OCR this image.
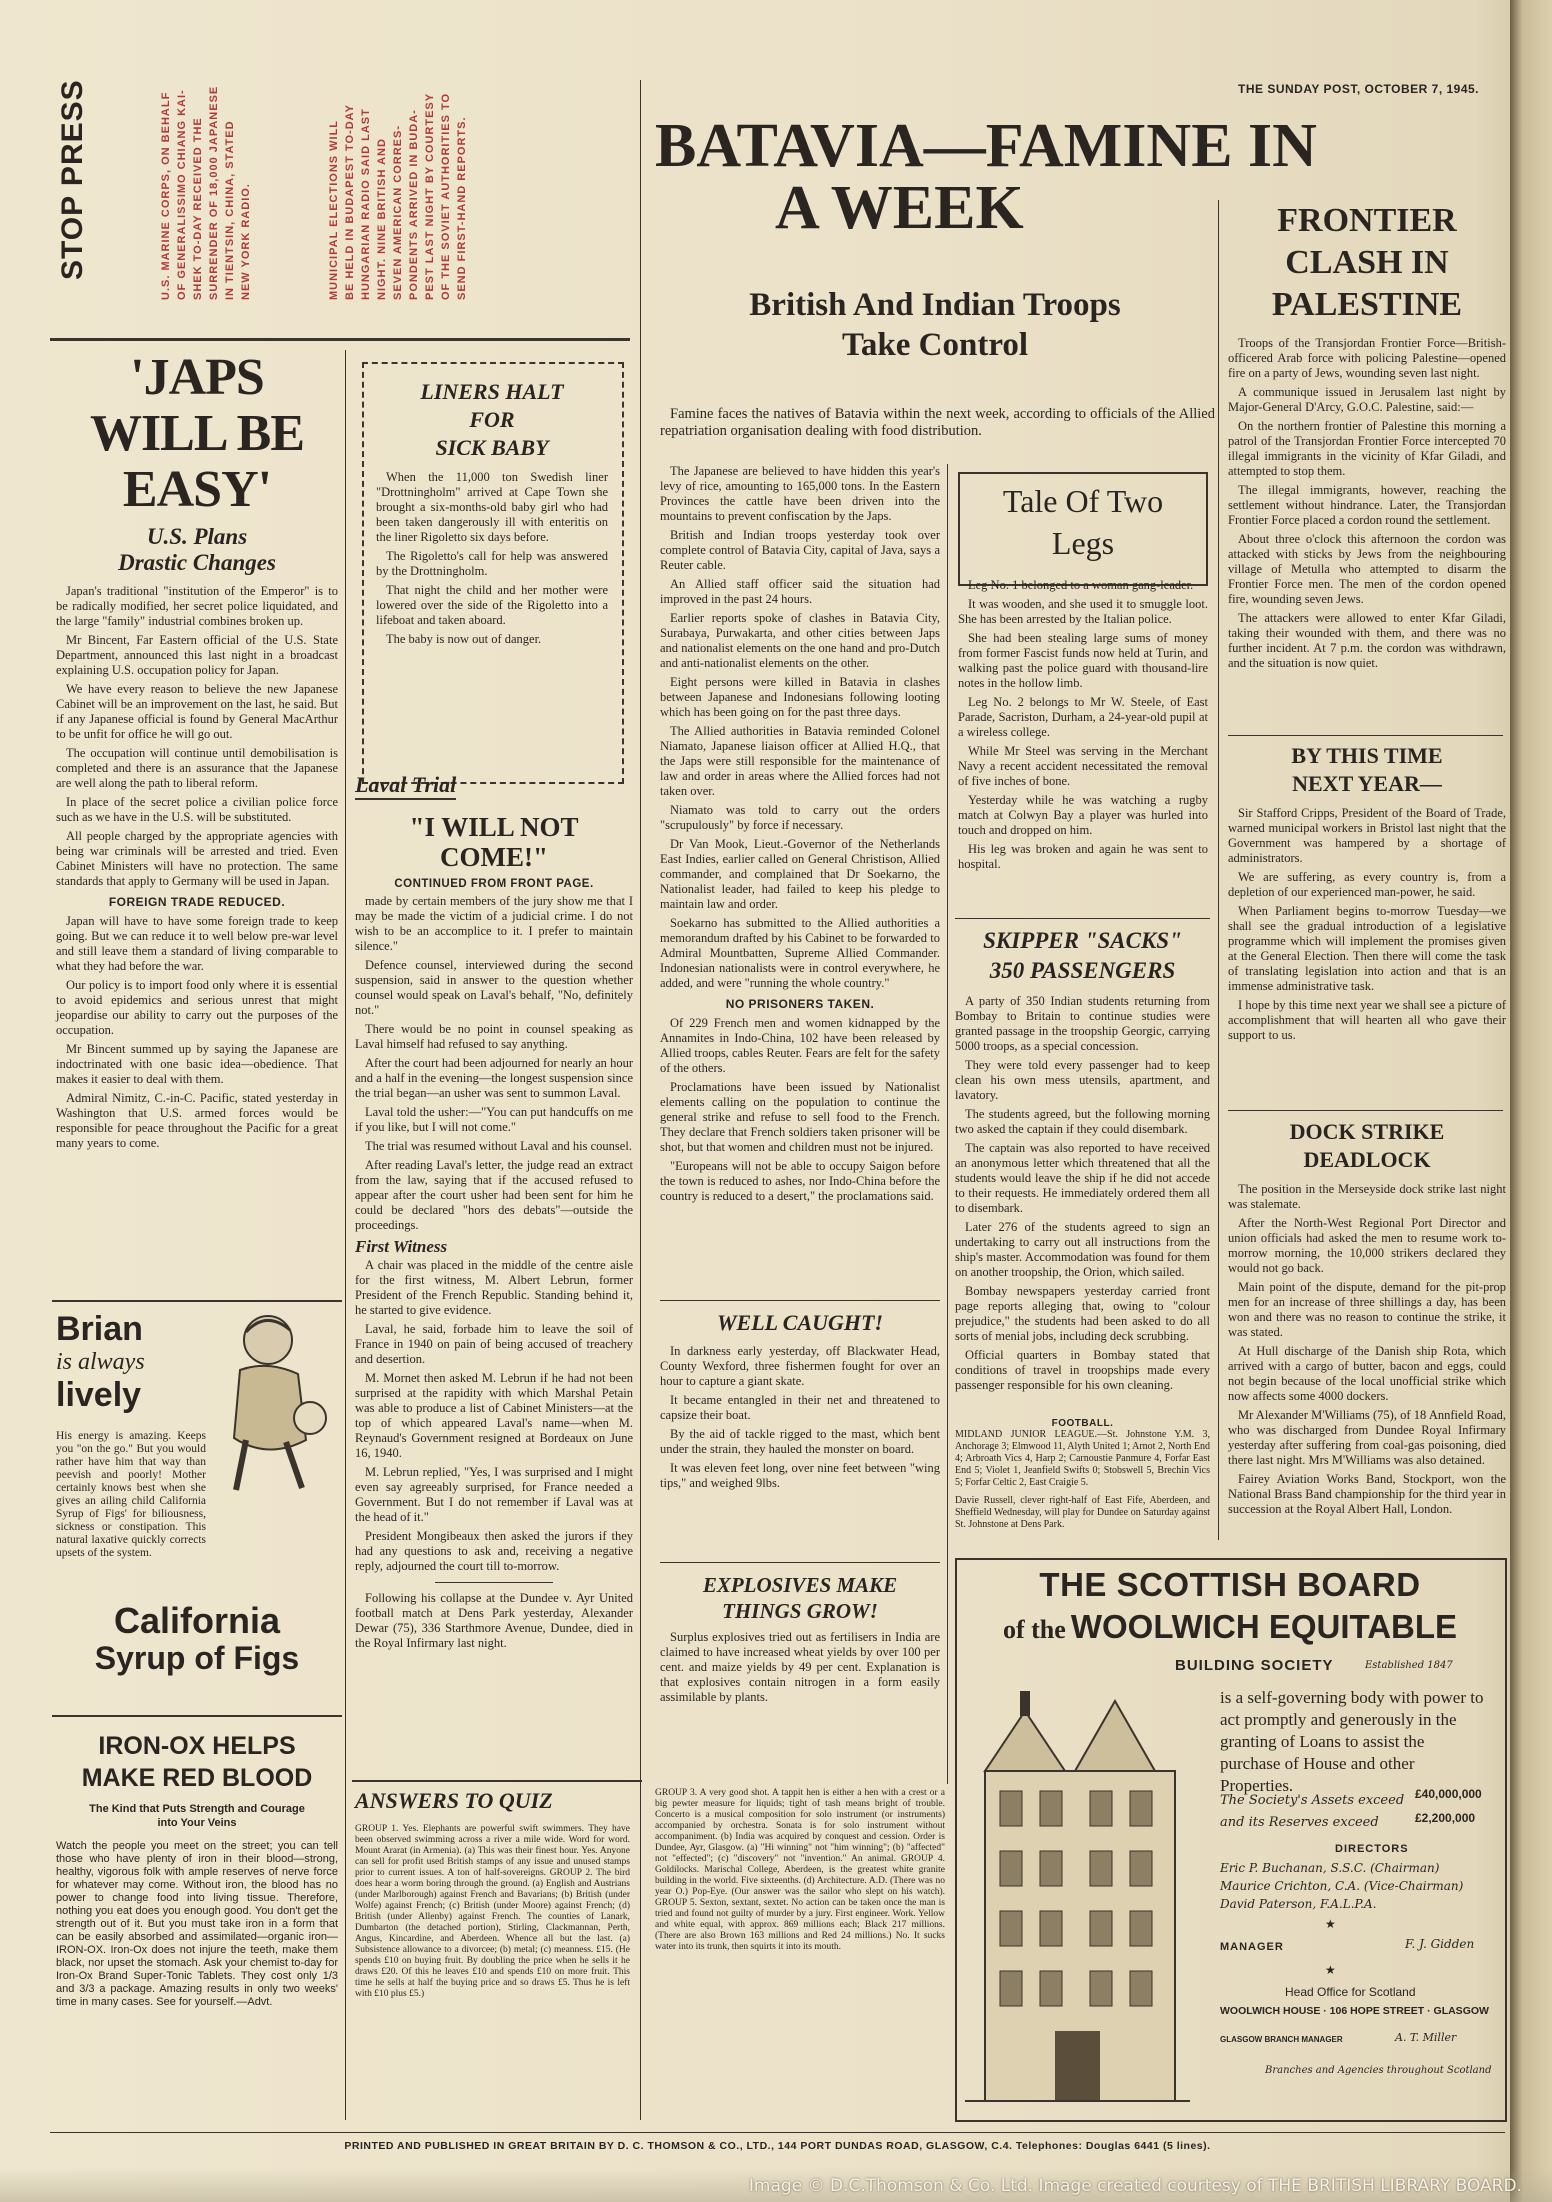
THE SUNDAY POST, OCTOBER 7, 1945.
STOP PRESS	U.S. MARINE CORPS, ON BEHALF OF GENERALISSIMO CHIANG KAI- SHEK TO-DAY RECEIVED THE SURRENDER OF 18,000 JAPANESE IN TIENTSIN, CHINA, STATED NEW YORK RADIO.	MUNICIPAL ELECTIONS WILL BE HELD IN BUDAPEST TO-DAY HUNGARIAN RADIO SAID LAST NIGHT. NINE BRITISH AND SEVEN AMERICAN CORRES- PONDENTS ARRIVED IN BUDA- PEST LAST NIGHT BY COURTESY OF THE SOVIET AUTHORITIES TO SEND FIRST-HAND REPORTS.
'JAPS WILL BE EASY'
U.S. Plans
Drastic Changes

Japan's traditional "institution of the Emperor" is to be radically modified, her secret police liquidated, and the large "family" industrial combines broken up.

Mr Bincent, Far Eastern official of the U.S. State Department, announced this last night in a broadcast explaining U.S. occupation policy for Japan.

We have every reason to believe the new Japanese Cabinet will be an improvement on the last, he said. But if any Japanese official is found by General MacArthur to be unfit for office he will go out.

The occupation will continue until demobilisation is completed and there is an assurance that the Japanese are well along the path to liberal reform.

In place of the secret police a civilian police force such as we have in the U.S. will be substituted.

All people charged by the appropriate agencies with being war criminals will be arrested and tried. Even Cabinet Ministers will have no protection. The same standards that apply to Germany will be used in Japan.

FOREIGN TRADE REDUCED.

Japan will have to have some foreign trade to keep going. But we can reduce it to well below pre-war level and still leave them a standard of living comparable to what they had before the war.

Our policy is to import food only where it is essential to avoid epidemics and serious unrest that might jeopardise our ability to carry out the purposes of the occupation.

Mr Bincent summed up by saying the Japanese are indoctrinated with one basic idea—obedience. That makes it easier to deal with them.

Admiral Nimitz, C.-in-C. Pacific, stated yesterday in Washington that U.S. armed forces would be responsible for peace throughout the Pacific for a great many years to come.

Brian
is always
lively
His energy is amazing. Keeps you "on the go." But you would rather have him that way than peevish and poorly! Mother certainly knows best when she gives an ailing child California Syrup of Figs' for biliousness, sickness or constipation. This natural laxative quickly corrects upsets of the system.
California
Syrup of Figs
IRON-OX HELPS
MAKE RED BLOOD
The Kind that Puts Strength and Courage into Your Veins
Watch the people you meet on the street; you can tell those who have plenty of iron in their blood—strong, healthy, vigorous folk with ample reserves of nerve force for whatever may come. Without iron, the blood has no power to change food into living tissue. Therefore, nothing you eat does you enough good. You don't get the strength out of it. But you must take iron in a form that can be easily absorbed and assimilated—organic iron—IRON-OX. Iron-Ox does not injure the teeth, make them black, nor upset the stomach. Ask your chemist to-day for Iron-Ox Brand Super-Tonic Tablets. They cost only 1/3 and 3/3 a package. Amazing results in only two weeks' time in many cases. See for yourself.—Advt.
LINERS HALT
FOR
SICK BABY

When the 11,000 ton Swedish liner "Drottningholm" arrived at Cape Town she brought a six-months-old baby girl who had been taken dangerously ill with enteritis on the liner Rigoletto six days before.

The Rigoletto's call for help was answered by the Drottningholm.

That night the child and her mother were lowered over the side of the Rigoletto into a lifeboat and taken aboard.

The baby is now out of danger.

Laval Trial
"I WILL NOT
COME!"
CONTINUED FROM FRONT PAGE.

made by certain members of the jury show me that I may be made the victim of a judicial crime. I do not wish to be an accomplice to it. I prefer to maintain silence."

Defence counsel, interviewed during the second suspension, said in answer to the question whether counsel would speak on Laval's behalf, "No, definitely not."

There would be no point in counsel speaking as Laval himself had refused to say anything.

After the court had been adjourned for nearly an hour and a half in the evening—the longest suspension since the trial began—an usher was sent to summon Laval.

Laval told the usher:—"You can put handcuffs on me if you like, but I will not come."

The trial was resumed without Laval and his counsel.

After reading Laval's letter, the judge read an extract from the law, saying that if the accused refused to appear after the court usher had been sent for him he could be declared "hors des debats"—outside the proceedings.

First Witness

A chair was placed in the middle of the centre aisle for the first witness, M. Albert Lebrun, former President of the French Republic. Standing behind it, he started to give evidence.

Laval, he said, forbade him to leave the soil of France in 1940 on pain of being accused of treachery and desertion.

M. Mornet then asked M. Lebrun if he had not been surprised at the rapidity with which Marshal Petain was able to produce a list of Cabinet Ministers—at the top of which appeared Laval's name—when M. Reynaud's Government resigned at Bordeaux on June 16, 1940.

M. Lebrun replied, "Yes, I was surprised and I might even say agreeably surprised, for France needed a Government. But I do not remember if Laval was at the head of it."

President Mongibeaux then asked the jurors if they had any questions to ask and, receiving a negative reply, adjourned the court till to-morrow.

Following his collapse at the Dundee v. Ayr United football match at Dens Park yesterday, Alexander Dewar (75), 336 Starthmore Avenue, Dundee, died in the Royal Infirmary last night.

ANSWERS TO QUIZ
GROUP 1. Yes. Elephants are powerful swift swimmers. They have been observed swimming across a river a mile wide. Word for word. Mount Ararat (in Armenia). (a) This was their finest hour. Yes. Anyone can sell for profit used British stamps of any issue and unused stamps prior to current issues. A ton of half-sovereigns. GROUP 2. The bird does hear a worm boring through the ground. (a) English and Austrians (under Marlborough) against French and Bavarians; (b) British (under Wolfe) against French; (c) British (under Moore) against French; (d) British (under Allenby) against French. The counties of Lanark, Dumbarton (the detached portion), Stirling, Clackmannan, Perth, Angus, Kincardine, and Aberdeen. Whence all but the last. (a) Subsistence allowance to a divorcee; (b) metal; (c) meanness. £15. (He spends £10 on buying fruit. By doubling the price when he sells it he draws £20. Of this he leaves £10 and spends £10 on more fruit. This time he sells at half the buying price and so draws £5. Thus he is left with £10 plus £5.)
GROUP 3. A very good shot. A tappit hen is either a hen with a crest or a big pewter measure for liquids; tight of tash means bright of trouble. Concerto is a musical composition for solo instrument (or instruments) accompanied by orchestra. Sonata is for solo instrument without accompaniment. (b) India was acquired by conquest and cession. Order is Dundee, Ayr, Glasgow. (a) "Hi winning" not "him winning"; (b) "affected" not "effected"; (c) "discovery" not "invention." An animal. GROUP 4. Goldilocks. Marischal College, Aberdeen, is the greatest white granite building in the world. Five sixteenths. (d) Architecture. A.D. (There was no year O.) Pop-Eye. (Our answer was the sailor who slept on his watch). GROUP 5. Sexton, sextant, sextet. No action can be taken once the man is tried and found not guilty of murder by a jury. First engineer. Work. Yellow and white equal, with approx. 869 millions each; Black 217 millions. (There are also Brown 163 millions and Red 24 millions.) No. It sucks water into its trunk, then squirts it into its mouth.
BATAVIA—FAMINE IN
A WEEK
British And Indian Troops
Take Control

Famine faces the natives of Batavia within the next week, according to officials of the Allied repatriation organisation dealing with food distribution.

The Japanese are believed to have hidden this year's levy of rice, amounting to 165,000 tons. In the Eastern Provinces the cattle have been driven into the mountains to prevent confiscation by the Japs.

British and Indian troops yesterday took over complete control of Batavia City, capital of Java, says a Reuter cable.

An Allied staff officer said the situation had improved in the past 24 hours.

Earlier reports spoke of clashes in Batavia City, Surabaya, Purwakarta, and other cities between Japs and nationalist elements on the one hand and pro-Dutch and anti-nationalist elements on the other.

Eight persons were killed in Batavia in clashes between Japanese and Indonesians following looting which has been going on for the past three days.

The Allied authorities in Batavia reminded Colonel Niamato, Japanese liaison officer at Allied H.Q., that the Japs were still responsible for the maintenance of law and order in areas where the Allied forces had not taken over.

Niamato was told to carry out the orders "scrupulously" by force if necessary.

Dr Van Mook, Lieut.-Governor of the Netherlands East Indies, earlier called on General Christison, Allied commander, and complained that Dr Soekarno, the Nationalist leader, had failed to keep his pledge to maintain law and order.

Soekarno has submitted to the Allied authorities a memorandum drafted by his Cabinet to be forwarded to Admiral Mountbatten, Supreme Allied Commander. Indonesian nationalists were in control everywhere, he added, and were "running the whole country."

NO PRISONERS TAKEN.

Of 229 French men and women kidnapped by the Annamites in Indo-China, 102 have been released by Allied troops, cables Reuter. Fears are felt for the safety of the others.

Proclamations have been issued by Nationalist elements calling on the population to continue the general strike and refuse to sell food to the French. They declare that French soldiers taken prisoner will be shot, but that women and children must not be injured.

"Europeans will not be able to occupy Saigon before the town is reduced to ashes, nor Indo-China before the country is reduced to a desert," the proclamations said.

WELL CAUGHT!

In darkness early yesterday, off Blackwater Head, County Wexford, three fishermen fought for over an hour to capture a giant skate.

It became entangled in their net and threatened to capsize their boat.

By the aid of tackle rigged to the mast, which bent under the strain, they hauled the monster on board.

It was eleven feet long, over nine feet between "wing tips," and weighed 9lbs.

EXPLOSIVES MAKE
THINGS GROW!

Surplus explosives tried out as fertilisers in India are claimed to have increased wheat yields by over 100 per cent. and maize yields by 49 per cent. Explanation is that explosives contain nitrogen in a form easily assimilable by plants.

Tale Of Two
Legs

Leg No. 1 belonged to a woman gang-leader.

It was wooden, and she used it to smuggle loot. She has been arrested by the Italian police.

She had been stealing large sums of money from former Fascist funds now held at Turin, and walking past the police guard with thousand-lire notes in the hollow limb.

Leg No. 2 belongs to Mr W. Steele, of East Parade, Sacriston, Durham, a 24-year-old pupil at a wireless college.

While Mr Steel was serving in the Merchant Navy a recent accident necessitated the removal of five inches of bone.

Yesterday while he was watching a rugby match at Colwyn Bay a player was hurled into touch and dropped on him.

His leg was broken and again he was sent to hospital.

SKIPPER "SACKS"
350 PASSENGERS

A party of 350 Indian students returning from Bombay to Britain to continue studies were granted passage in the troopship Georgic, carrying 5000 troops, as a special concession.

They were told every passenger had to keep clean his own mess utensils, apartment, and lavatory.

The students agreed, but the following morning two asked the captain if they could disembark.

The captain was also reported to have received an anonymous letter which threatened that all the students would leave the ship if he did not accede to their requests. He immediately ordered them all to disembark.

Later 276 of the students agreed to sign an undertaking to carry out all instructions from the ship's master. Accommodation was found for them on another troopship, the Orion, which sailed.

Bombay newspapers yesterday carried front page reports alleging that, owing to "colour prejudice," the students had been asked to do all sorts of menial jobs, including deck scrubbing.

Official quarters in Bombay stated that conditions of travel in troopships made every passenger responsible for his own cleaning.

FOOTBALL.
MIDLAND JUNIOR LEAGUE.—St. Johnstone Y.M. 3, Anchorage 3; Elmwood 11, Alyth United 1; Arnot 2, North End 4; Arbroath Vics 4, Harp 2; Carnoustie Panmure 4, Forfar East End 5; Violet 1, Jeanfield Swifts 0; Stobswell 5, Brechin Vics 5; Forfar Celtic 2, East Craigie 5.
Davie Russell, clever right-half of East Fife, Aberdeen, and Sheffield Wednesday, will play for Dundee on Saturday against St. Johnstone at Dens Park.
FRONTIER
CLASH IN
PALESTINE

Troops of the Transjordan Frontier Force—British-officered Arab force with policing Palestine—opened fire on a party of Jews, wounding seven last night.

A communique issued in Jerusalem last night by Major-General D'Arcy, G.O.C. Palestine, said:—

On the northern frontier of Palestine this morning a patrol of the Transjordan Frontier Force intercepted 70 illegal immigrants in the vicinity of Kfar Giladi, and attempted to stop them.

The illegal immigrants, however, reaching the settlement without hindrance. Later, the Transjordan Frontier Force placed a cordon round the settlement.

About three o'clock this afternoon the cordon was attacked with sticks by Jews from the neighbouring village of Metulla who attempted to disarm the Frontier Force men. The men of the cordon opened fire, wounding seven Jews.

The attackers were allowed to enter Kfar Giladi, taking their wounded with them, and there was no further incident. At 7 p.m. the cordon was withdrawn, and the situation is now quiet.

BY THIS TIME
NEXT YEAR—

Sir Stafford Cripps, President of the Board of Trade, warned municipal workers in Bristol last night that the Government was hampered by a shortage of administrators.

We are suffering, as every country is, from a depletion of our experienced man-power, he said.

When Parliament begins to-morrow Tuesday—we shall see the gradual introduction of a legislative programme which will implement the promises given at the General Election. Then there will come the task of translating legislation into action and that is an immense administrative task.

I hope by this time next year we shall see a picture of accomplishment that will hearten all who gave their support to us.

DOCK STRIKE
DEADLOCK

The position in the Merseyside dock strike last night was stalemate.

After the North-West Regional Port Director and union officials had asked the men to resume work to-morrow morning, the 10,000 strikers declared they would not go back.

Main point of the dispute, demand for the pit-prop men for an increase of three shillings a day, has been won and there was no reason to continue the strike, it was stated.

At Hull discharge of the Danish ship Rota, which arrived with a cargo of butter, bacon and eggs, could not begin because of the local unofficial strike which now affects some 4000 dockers.

Mr Alexander M'Williams (75), of 18 Annfield Road, who was discharged from Dundee Royal Infirmary yesterday after suffering from coal-gas poisoning, died there last night. Mrs M'Williams was also detained.

Fairey Aviation Works Band, Stockport, won the National Brass Band championship for the third year in succession at the Royal Albert Hall, London.

THE SCOTTISH BOARD
of the WOOLWICH EQUITABLE
BUILDING SOCIETY	Established 1847
is a self-governing body with power to act promptly and generously in the granting of Loans to assist the purchase of House and other Properties.
The Society's Assets exceed £40,000,000
and its Reserves exceed	£2,200,000
DIRECTORS
Eric P. Buchanan, S.S.C. (Chairman)
Maurice Crichton, C.A. (Vice-Chairman)
David Paterson, F.A.L.P.A.
★
MANAGER	F. J. Gidden
★
Head Office for Scotland
WOOLWICH HOUSE · 106 HOPE STREET · GLASGOW
GLASGOW BRANCH MANAGER	A. T. Miller
Branches and Agencies throughout Scotland
PRINTED AND PUBLISHED IN GREAT BRITAIN BY D. C. THOMSON & CO., LTD., 144 PORT DUNDAS ROAD, GLASGOW, C.4. Telephones: Douglas 6441 (5 lines).
Image © D.C.Thomson & Co. Ltd. Image created courtesy of THE BRITISH LIBRARY BOARD.
